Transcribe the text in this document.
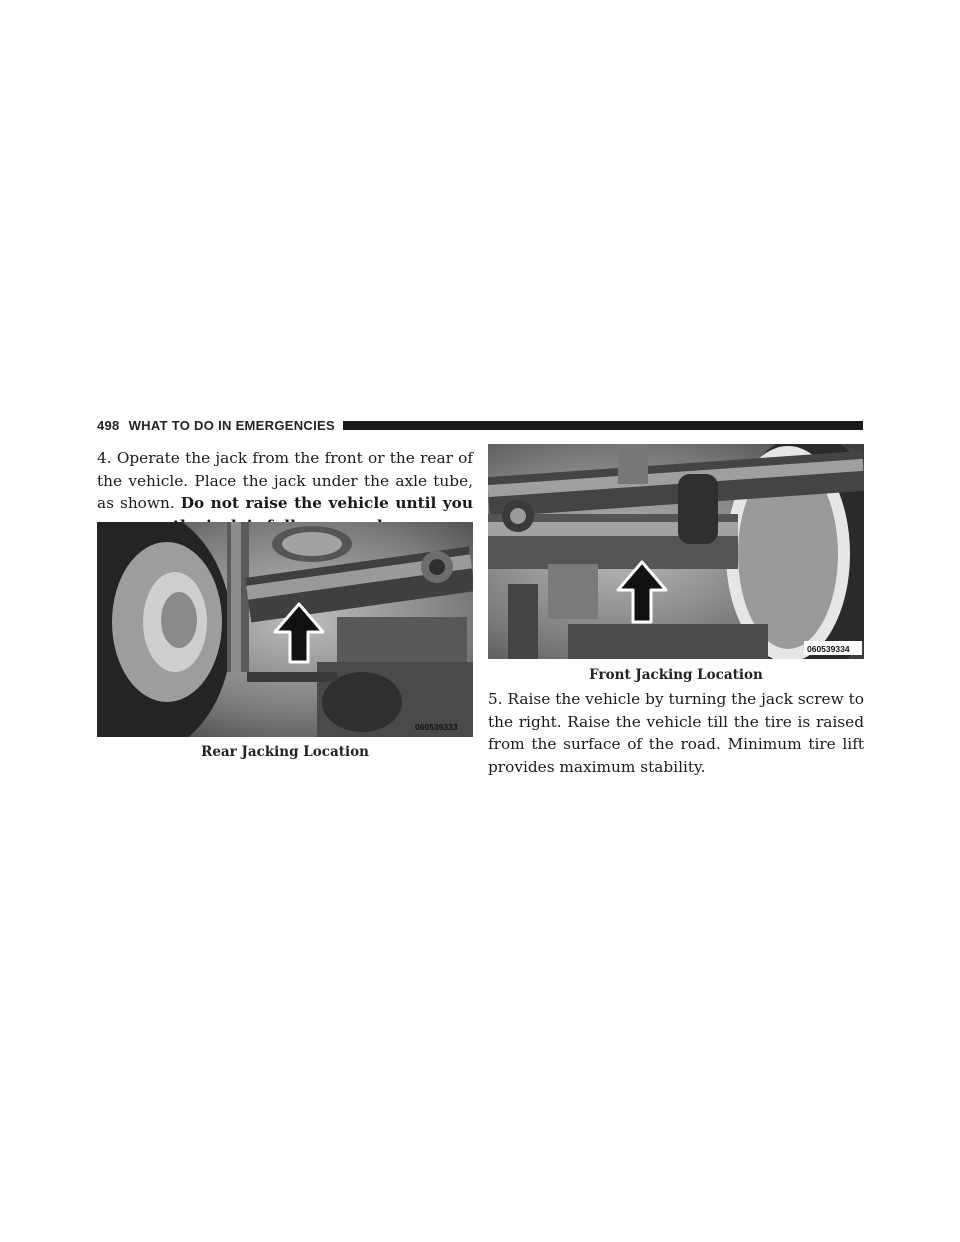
498 WHAT TO DO IN EMERGENCIES

4. Operate the jack from the front or the rear of the vehicle. Place the jack under the axle tube, as shown. Do not raise the vehicle until you

060539333
Rear Jacking Location
060539334
Front Jacking Location

5. Raise the vehicle by turning the jack screw to the right. Raise the vehicle till the tire is raised from the surface of the road. Minimum tire lift provides maximum stability.
